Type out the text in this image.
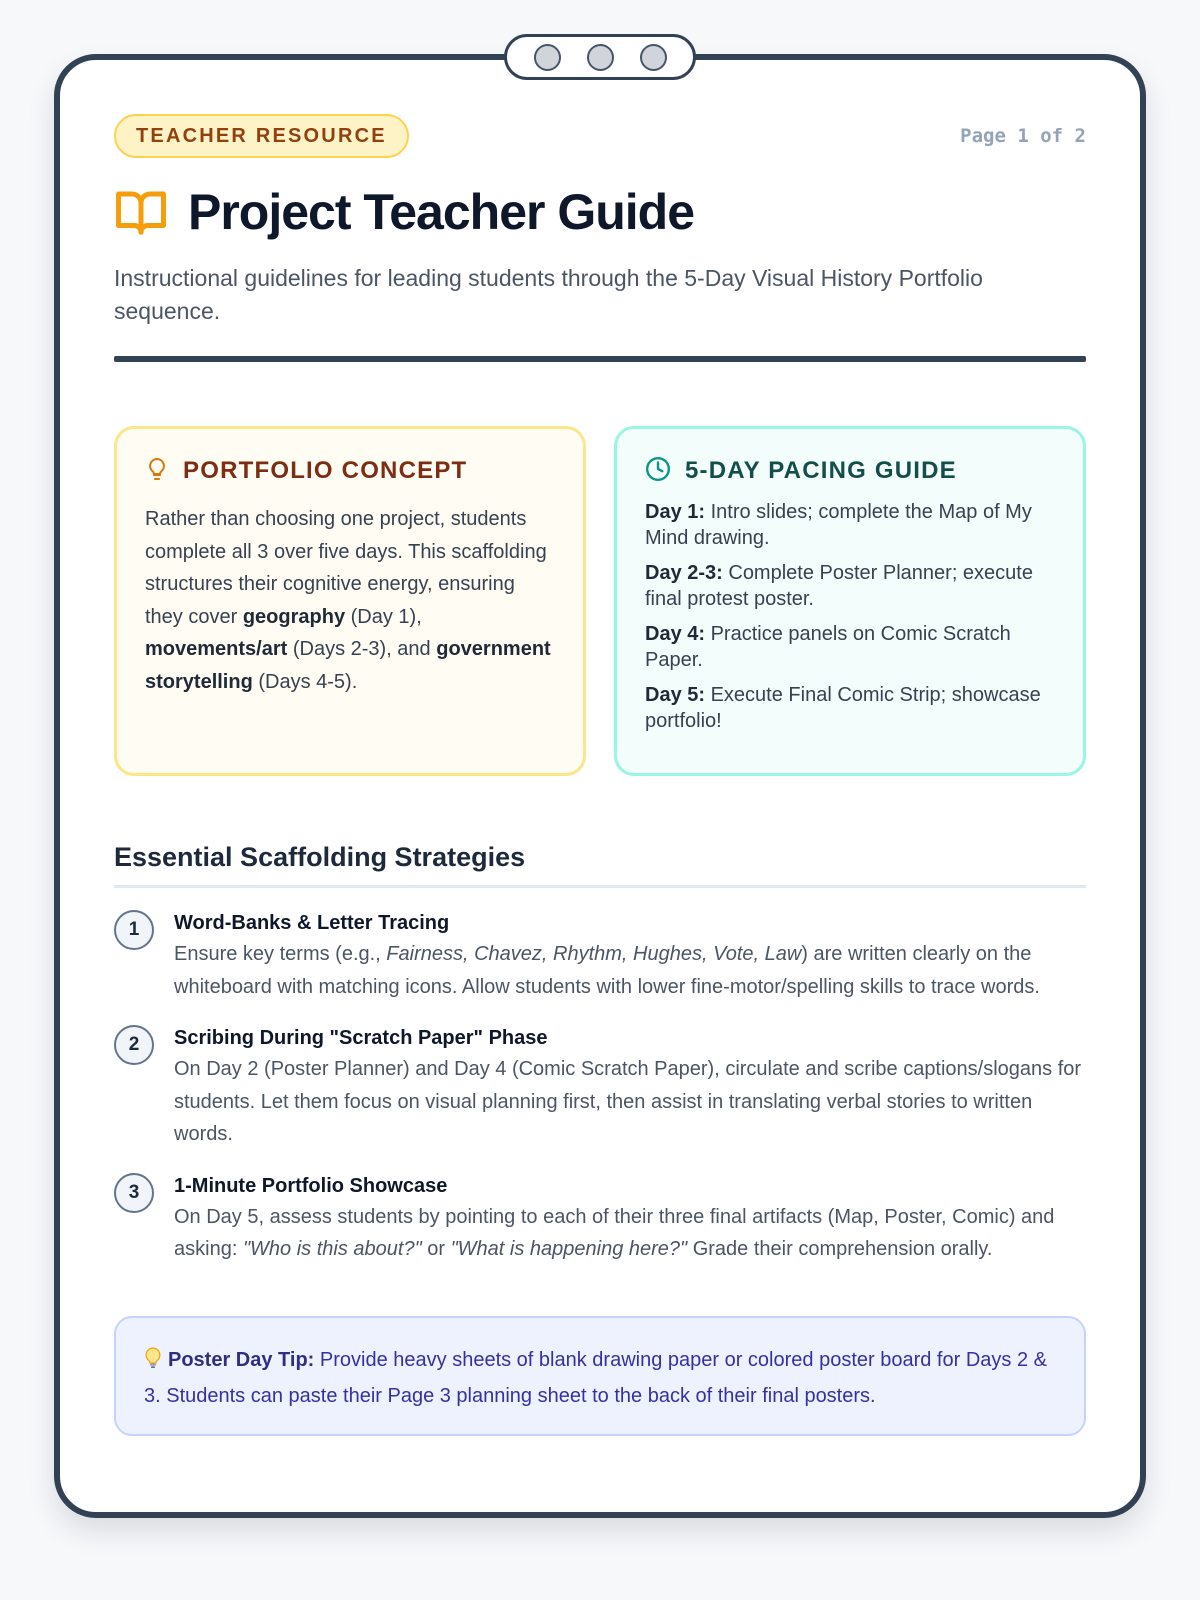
TEACHER RESOURCE	Page 1 of 2
Project Teacher Guide

Instructional guidelines for leading students through the 5-Day Visual History Portfolio sequence.

PORTFOLIO CONCEPT

Rather than choosing one project, students complete all 3 over five days. This scaffolding structures their cognitive energy, ensuring they cover geography (Day 1), movements/art (Days 2-3), and government storytelling (Days 4-5).

5-DAY PACING GUIDE

Day 1: Intro slides; complete the Map of My Mind drawing.

Day 2-3: Complete Poster Planner; execute final protest poster.

Day 4: Practice panels on Comic Scratch Paper.

Day 5: Execute Final Comic Strip; showcase portfolio!

Essential Scaffolding Strategies
1	Word-Banks & Letter Tracing

Ensure key terms (e.g., Fairness, Chavez, Rhythm, Hughes, Vote, Law) are written clearly on the whiteboard with matching icons. Allow students with lower fine-motor/spelling skills to trace words.

2	Scribing During "Scratch Paper" Phase

On Day 2 (Poster Planner) and Day 4 (Comic Scratch Paper), circulate and scribe captions/slogans for students. Let them focus on visual planning first, then assist in translating verbal stories to written words.

3	1-Minute Portfolio Showcase

On Day 5, assess students by pointing to each of their three final artifacts (Map, Poster, Comic) and asking: "Who is this about?" or "What is happening here?" Grade their comprehension orally.

Poster Day Tip: Provide heavy sheets of blank drawing paper or colored poster board for Days 2 & 3. Students can paste their Page 3 planning sheet to the back of their final posters.
